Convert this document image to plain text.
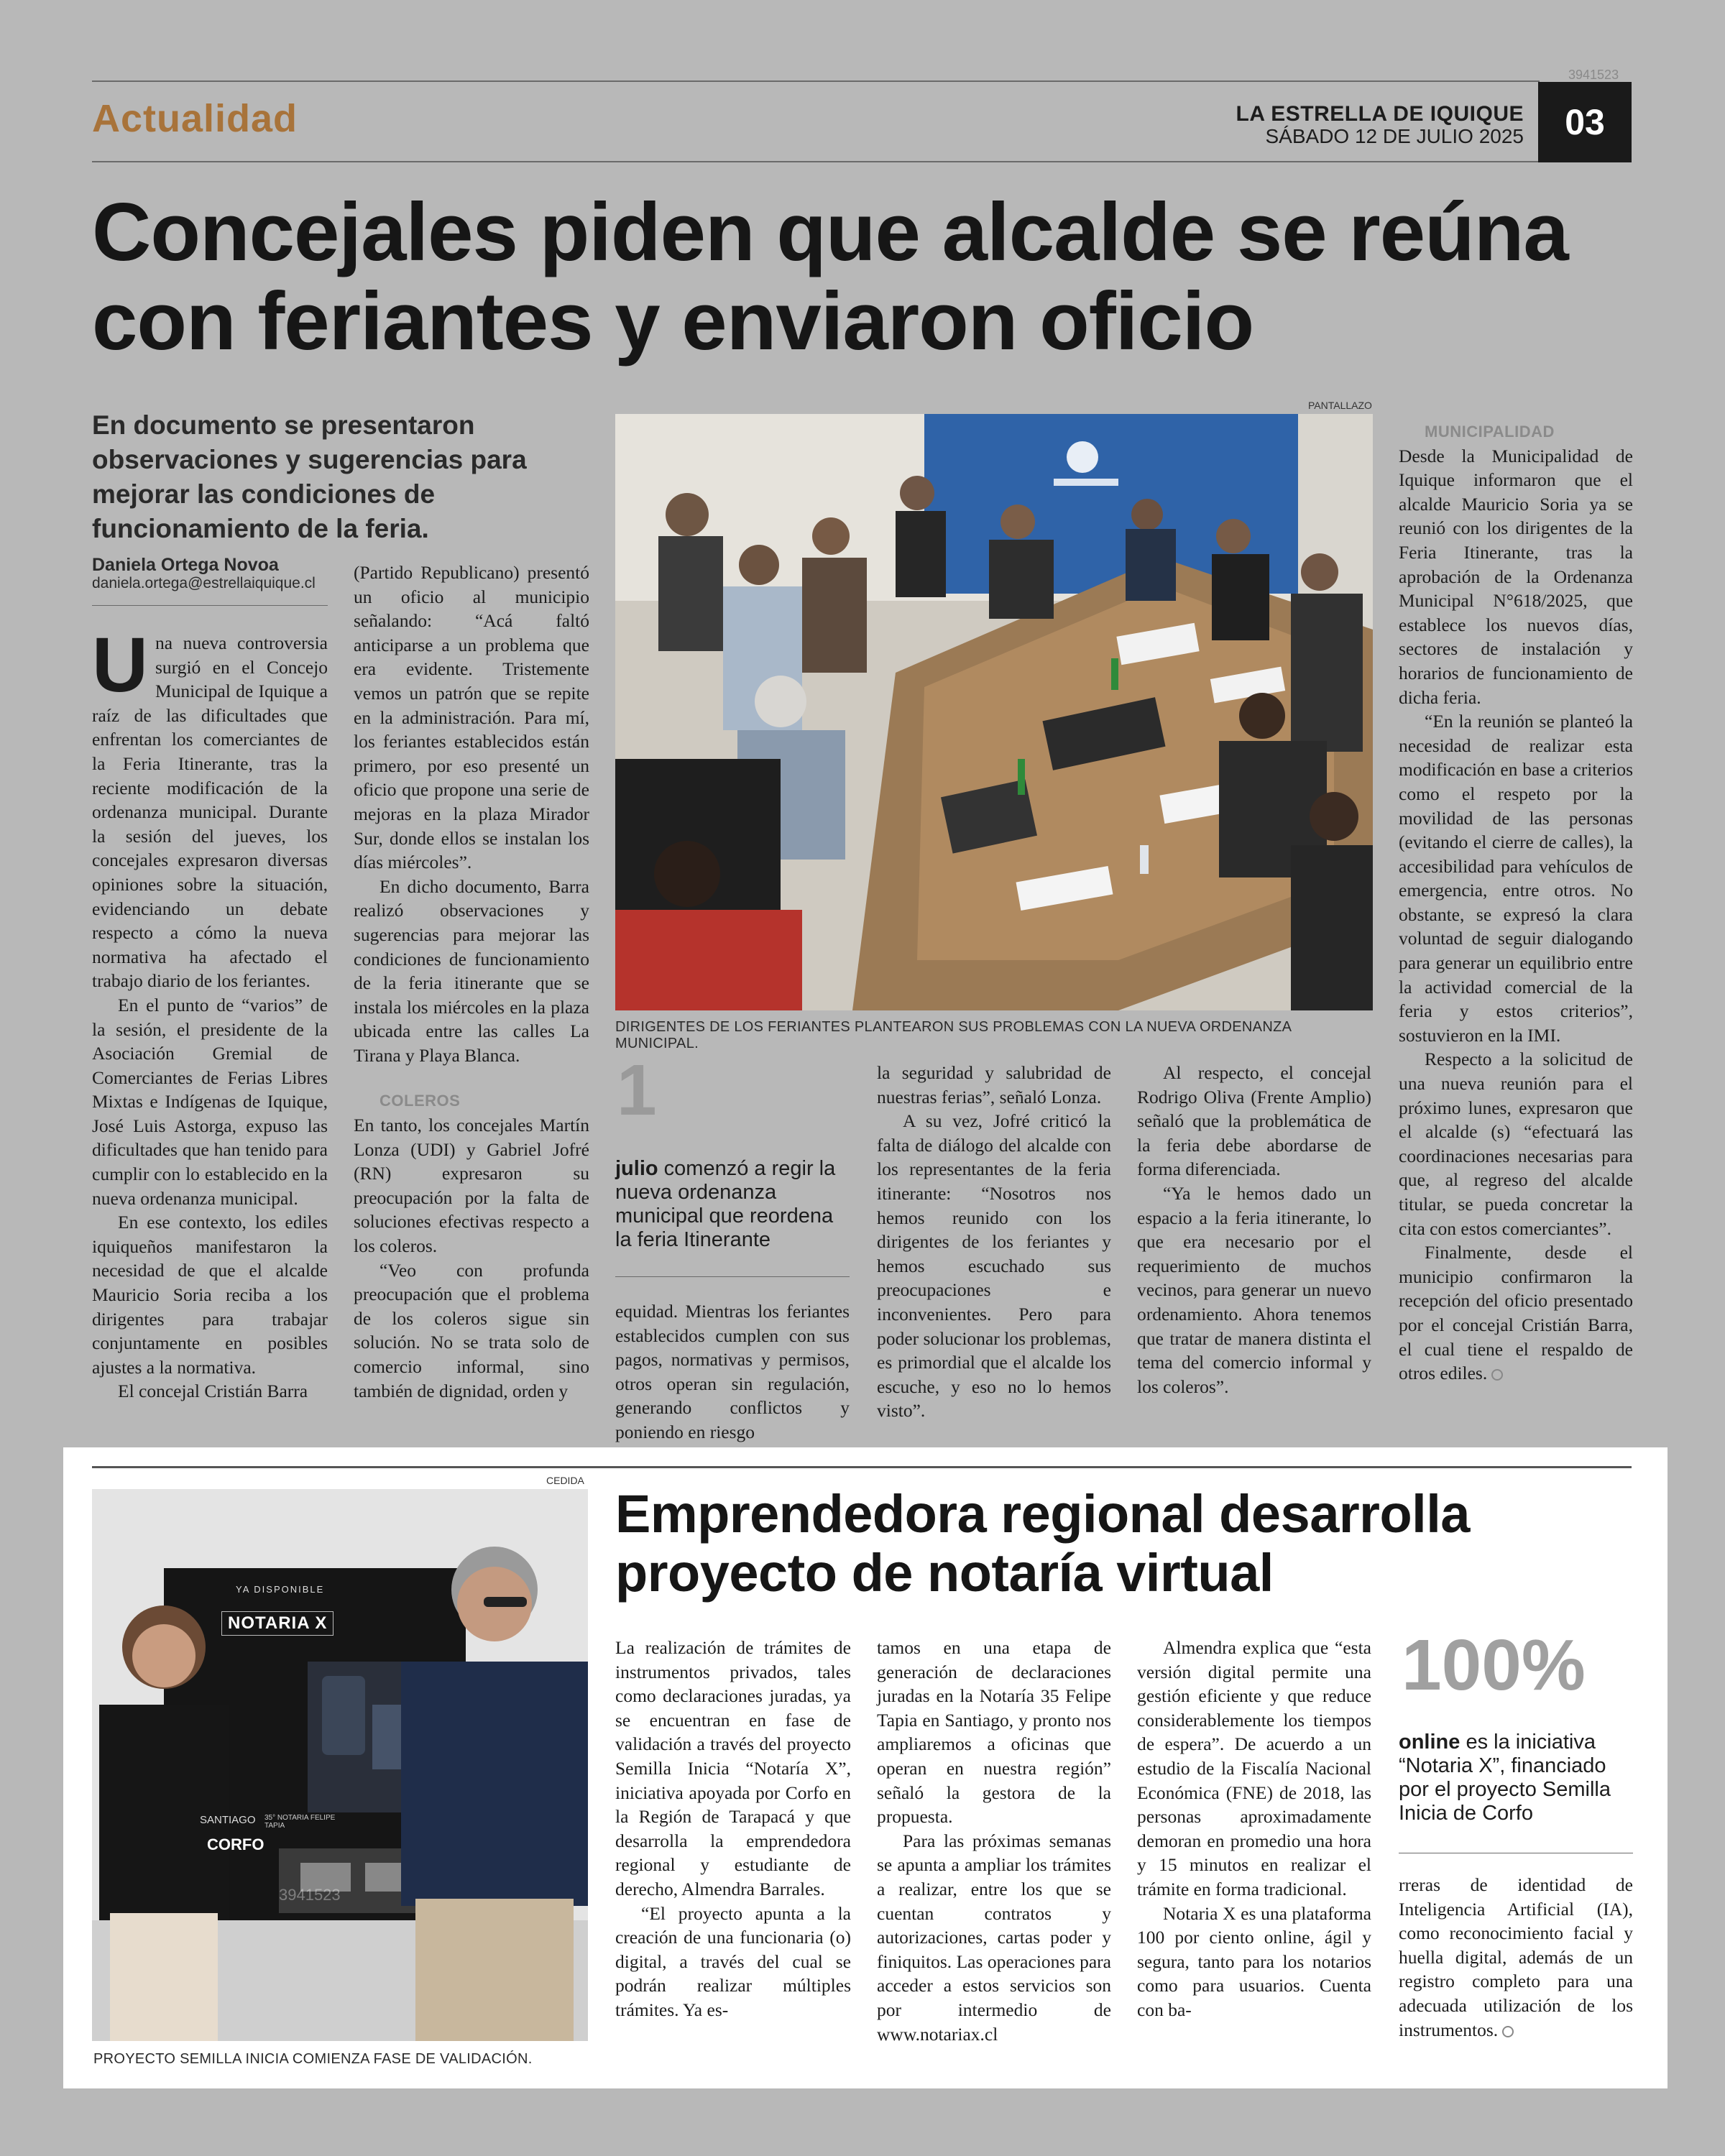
3941523
Actualidad	LA ESTRELLA DE IQUIQUE
SÁBADO 12 DE JULIO 2025 03
Concejales piden que alcalde se reúna
con feriantes y enviaron oficio
En documento se presentaron observaciones y sugerencias para mejorar las condiciones de funcionamiento de la feria.
Daniela Ortega Novoa
daniela.ortega@estrellaiquique.cl

Una nueva controversia surgió en el Concejo Municipal de Iquique a raíz de las dificultades que enfrentan los comerciantes de la Feria Itinerante, tras la reciente modificación de la ordenanza municipal. Durante la sesión del jueves, los concejales expresaron diversas opiniones sobre la situación, evidenciando un debate respecto a cómo la nueva normativa ha afectado el trabajo diario de los feriantes.

En el punto de “varios” de la sesión, el presidente de la Asociación Gremial de Comerciantes de Ferias Libres Mixtas e Indígenas de Iquique, José Luis Astorga, expuso las dificultades que han tenido para cumplir con lo establecido en la nueva ordenanza municipal.

En ese contexto, los ediles iquiqueños manifestaron la necesidad de que el alcalde Mauricio Soria reciba a los dirigentes para trabajar conjuntamente en posibles ajustes a la normativa.

El concejal Cristián Barra

(Partido Republicano) presentó un oficio al municipio señalando: “Acá faltó anticiparse a un problema que era evidente. Tristemente vemos un patrón que se repite en la administración. Para mí, los feriantes establecidos están primero, por eso presenté un oficio que propone una serie de mejoras en la plaza Mirador Sur, donde ellos se instalan los días miércoles”.

En dicho documento, Barra realizó observaciones y sugerencias para mejorar las condiciones de funcionamiento de la feria itinerante que se instala los miércoles en la plaza ubicada entre las calles La Tirana y Playa Blanca.

COLEROS

En tanto, los concejales Martín Lonza (UDI) y Gabriel Jofré (RN) expresaron su preocupación por la falta de soluciones efectivas respecto a los coleros.

“Veo con profunda preocupación que el problema de los coleros sigue sin solución. No se trata solo de comercio informal, sino también de dignidad, orden y

PANTALLAZO
DIRIGENTES DE LOS FERIANTES PLANTEARON SUS PROBLEMAS CON LA NUEVA ORDENANZA MUNICIPAL.
1
julio comenzó a regir la nueva ordenanza municipal que reordena la feria Itinerante

equidad. Mientras los feriantes establecidos cumplen con sus pagos, normativas y permisos, otros operan sin regulación, generando conflictos y poniendo en riesgo

la seguridad y salubridad de nuestras ferias”, señaló Lonza.

A su vez, Jofré criticó la falta de diálogo del alcalde con los representantes de la feria itinerante: “Nosotros nos hemos reunido con los dirigentes de los feriantes y hemos escuchado sus preocupaciones e inconvenientes. Pero para poder solucionar los problemas, es primordial que el alcalde los escuche, y eso no lo hemos visto”.

Al respecto, el concejal Rodrigo Oliva (Frente Amplio) señaló que la problemática de la feria debe abordarse de forma diferenciada.

“Ya le hemos dado un espacio a la feria itinerante, lo que era necesario por el requerimiento de muchos vecinos, para generar un nuevo ordenamiento. Ahora tenemos que tratar de manera distinta el tema del comercio informal y los coleros”.

MUNICIPALIDAD

Desde la Municipalidad de Iquique informaron que el alcalde Mauricio Soria ya se reunió con los dirigentes de la Feria Itinerante, tras la aprobación de la Ordenanza Municipal N°618/2025, que establece los nuevos días, sectores de instalación y horarios de funcionamiento de dicha feria.

“En la reunión se planteó la necesidad de realizar esta modificación en base a criterios como el respeto por la movilidad de las personas (evitando el cierre de calles), la accesibilidad para vehículos de emergencia, entre otros. No obstante, se expresó la clara voluntad de seguir dialogando para generar un equilibrio entre la actividad comercial de la feria y estos criterios”, sostuvieron en la IMI.

Respecto a la solicitud de una nueva reunión para el próximo lunes, expresaron que el alcalde (s) “efectuará las coordinaciones necesarias para que, al regreso del alcalde titular, se pueda concretar la cita con estos comerciantes”.

Finalmente, desde el municipio confirmaron la recepción del oficio presentado por el concejal Cristián Barra, el cual tiene el respaldo de otros ediles.

CEDIDA
YA DISPONIBLE
NOTARIA X
SANTIAGO 35° NOTARIA FELIPE TAPIA
CORFO
3941523
PROYECTO SEMILLA INICIA COMIENZA FASE DE VALIDACIÓN.
Emprendedora regional desarrolla
proyecto de notaría virtual

La realización de trámites de instrumentos privados, tales como declaraciones juradas, ya se encuentran en fase de validación a través del proyecto Semilla Inicia “Notaría X”, iniciativa apoyada por Corfo en la Región de Tarapacá y que desarrolla la emprendedora regional y estudiante de derecho, Almendra Barrales.

“El proyecto apunta a la creación de una funcionaria (o) digital, a través del cual se podrán realizar múltiples trámites. Ya es-

tamos en una etapa de generación de declaraciones juradas en la Notaría 35 Felipe Tapia en Santiago, y pronto nos ampliaremos a oficinas que operan en nuestra región” señaló la gestora de la propuesta.

Para las próximas semanas se apunta a ampliar los trámites a realizar, entre los que se cuentan contratos y autorizaciones, cartas poder y finiquitos. Las operaciones para acceder a estos servicios son por intermedio de www.notariax.cl

Almendra explica que “esta versión digital permite una gestión eficiente y que reduce considerablemente los tiempos de espera”. De acuerdo a un estudio de la Fiscalía Nacional Económica (FNE) de 2018, las personas aproximadamente demoran en promedio una hora y 15 minutos en realizar el trámite en forma tradicional.

Notaria X es una plataforma 100 por ciento online, ágil y segura, tanto para los notarios como para usuarios. Cuenta con ba-

100%
online es la iniciativa “Notaria X”, financiado por el proyecto Semilla Inicia de Corfo

rreras de identidad de Inteligencia Artificial (IA), como reconocimiento facial y huella digital, además de un registro completo para una adecuada utilización de los instrumentos.
